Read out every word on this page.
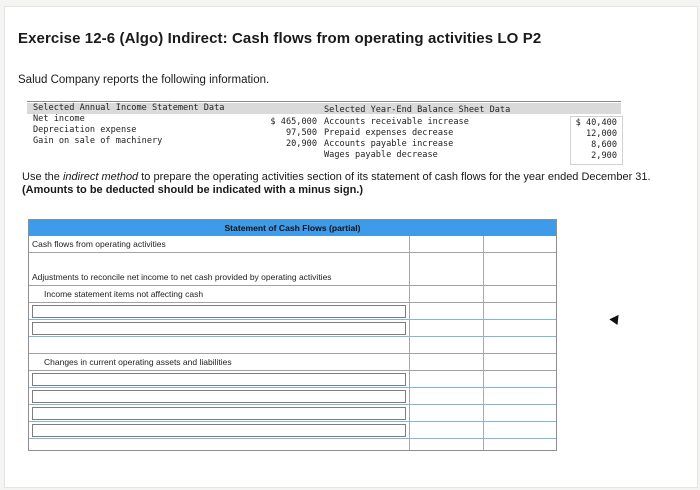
Exercise 12-6 (Algo) Indirect: Cash flows from operating activities LO P2
Salud Company reports the following information.
Selected Annual Income Statement Data	Selected Year-End Balance Sheet Data
Net income	$ 465,000
Depreciation expense	97,500
Gain on sale of machinery	20,900
Accounts receivable increase	$ 40,400
Prepaid expenses decrease	12,000
Accounts payable increase	8,600
Wages payable decrease	2,900
Use the indirect method to prepare the operating activities section of its statement of cash flows for the year ended December 31.
(Amounts to be deducted should be indicated with a minus sign.)
Statement of Cash Flows (partial)
Cash flows from operating activities
Adjustments to reconcile net income to net cash provided by operating activities
Income statement items not affecting cash
Changes in current operating assets and liabilities
